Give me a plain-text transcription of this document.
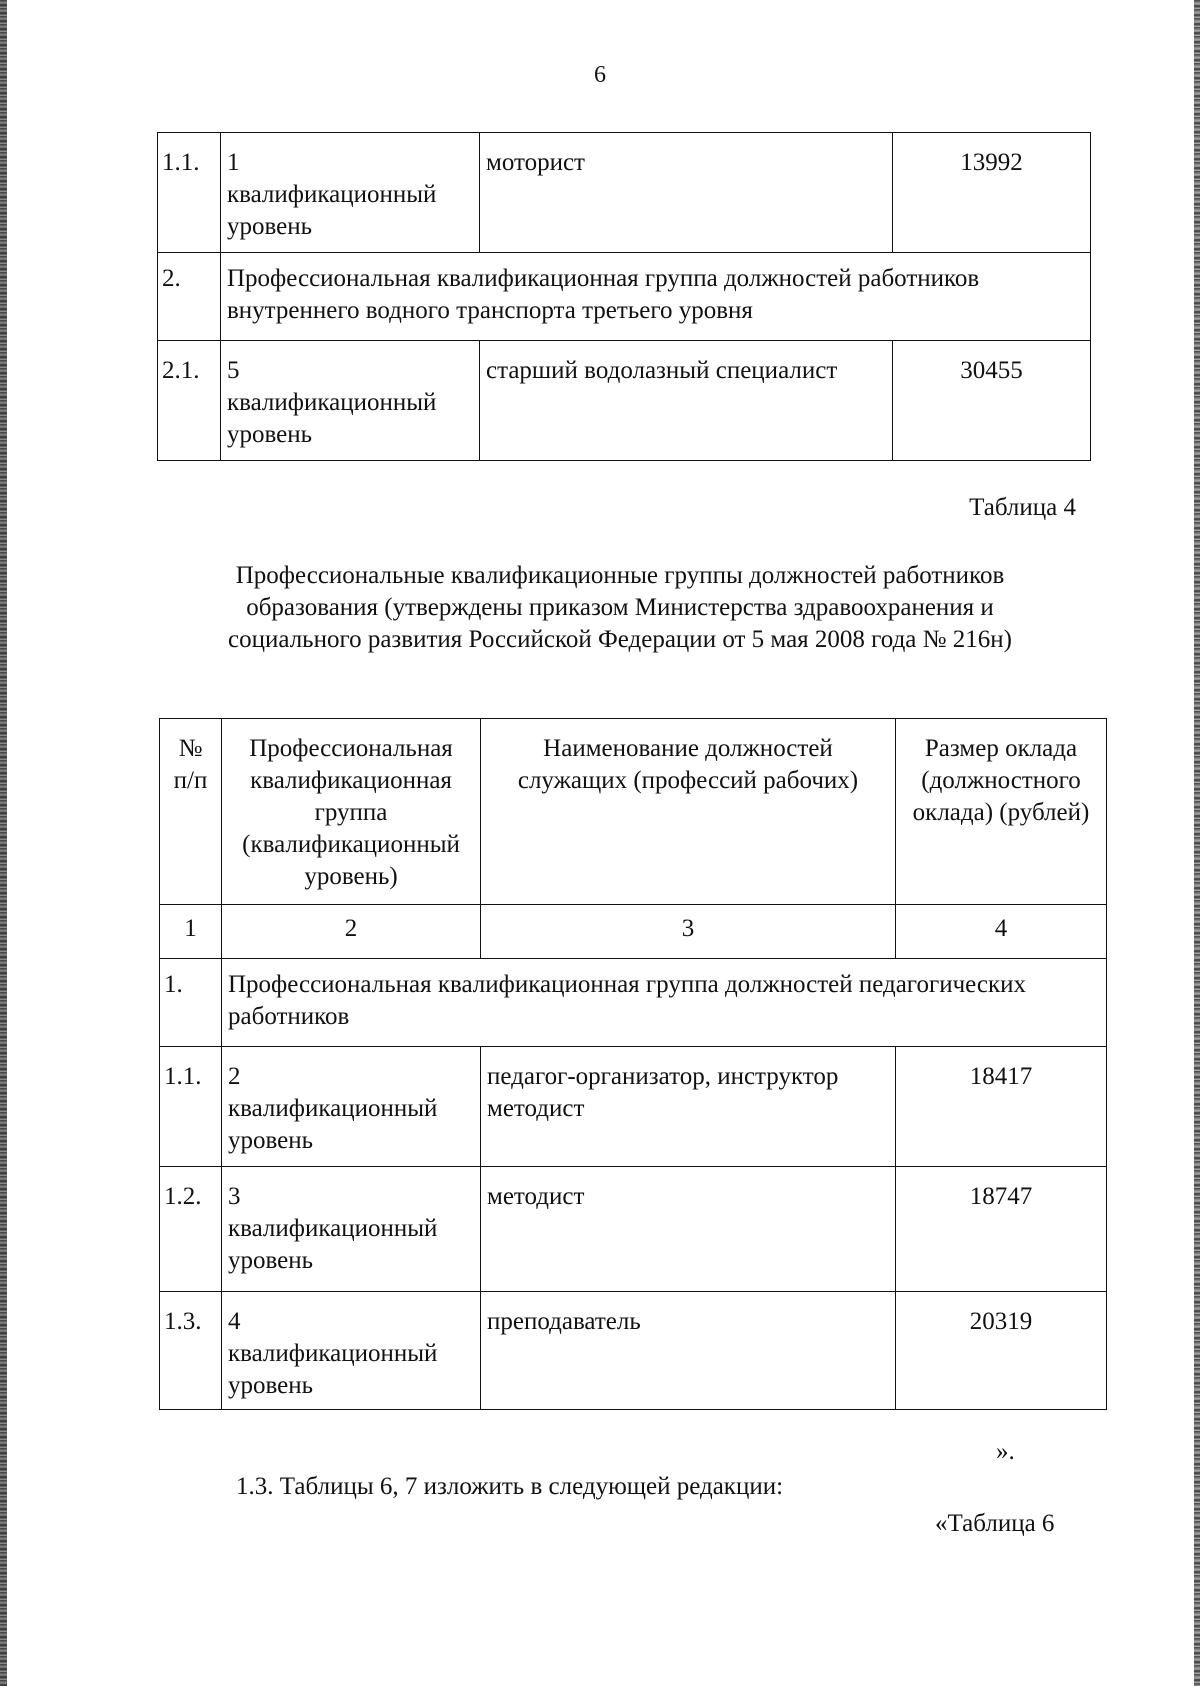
6
1.1.	1
квалификационный
уровень	моторист	13992
2.	Профессиональная квалификационная группа должностей работников внутреннего водного транспорта третьего уровня		
2.1.	5
квалификационный
уровень	старший водолазный специалист	30455
Таблица 4
Профессиональные квалификационные группы должностей работников образования (утверждены приказом Министерства здравоохранения и социального развития Российской Федерации от 5 мая 2008 года № 216н)
№ п/п	Профессиональная квалификационная группа (квалификационный уровень)	Наименование должностей служащих (профессий рабочих)	Размер оклада (должностного оклада) (рублей)
1	2	3	4
1.	Профессиональная квалификационная группа должностей педагогических работников		
1.1.	2
квалификационный
уровень	педагог-организатор, инструктор методист	18417
1.2.	3
квалификационный
уровень	методист	18747
1.3.	4
квалификационный
уровень	преподаватель	20319
».
1.3. Таблицы 6, 7 изложить в следующей редакции:
«Таблица 6
